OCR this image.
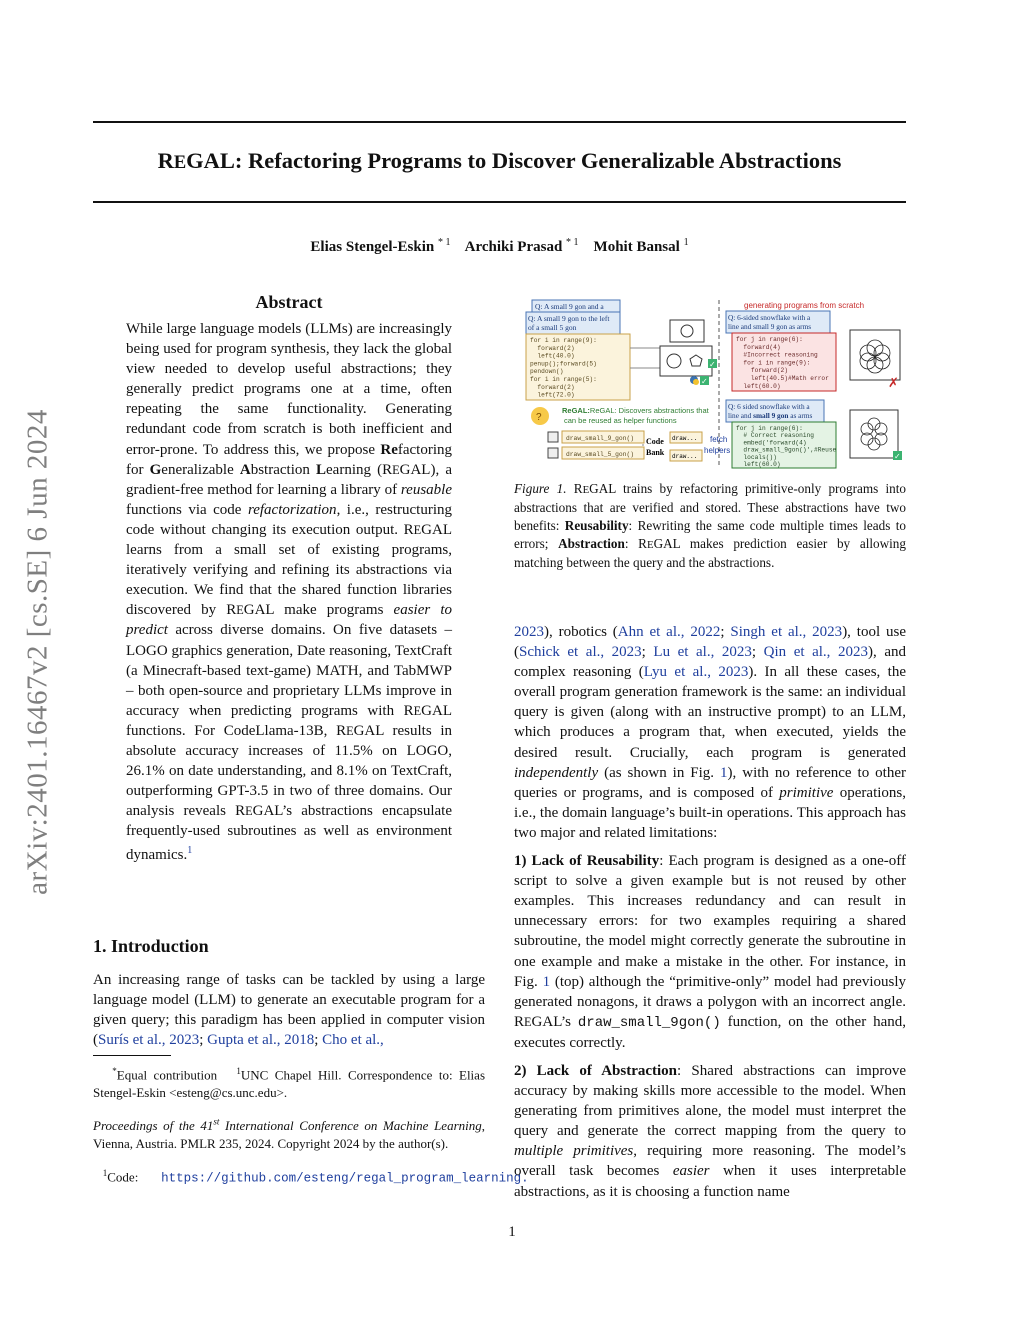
REGAL: Refactoring Programs to Discover Generalizable Abstractions
Elias Stengel-Eskin $^{* 1}$ Archiki Prasad $^{* 1}$ Mohit Bansal $^1$
arXiv:2401.16467v2 [cs.SE] 6 Jun 2024
Abstract

While large language models (LLMs) are increasingly being used for program synthesis, they lack the global view needed to develop useful abstractions; they generally predict programs one at a time, often repeating the same functionality. Generating redundant code from scratch is both inefficient and error-prone. To address this, we propose Refactoring for Generalizable Abstraction Learning (REGAL), a gradient-free method for learning a library of reusable functions via code refactorization, i.e., restructuring code without changing its execution output. REGAL learns from a small set of existing programs, iteratively verifying and refining its abstractions via execution. We find that the shared function libraries discovered by REGAL make programs easier to predict across diverse domains. On five datasets – LOGO graphics generation, Date reasoning, TextCraft (a Minecraft-based text-game) MATH, and TabMWP – both open-source and proprietary LLMs improve in accuracy when predicting programs with REGAL functions. For CodeLlama-13B, REGAL results in absolute accuracy increases of 11.5% on LOGO, 26.1% on date understanding, and 8.1% on TextCraft, outperforming GPT-3.5 in two of three domains. Our analysis reveals REGAL’s abstractions encapsulate frequently-used subroutines as well as environment dynamics.$^1$

1. Introduction

An increasing range of tasks can be tackled by using a large language model (LLM) to generate an executable program for a given query; this paradigm has been applied in computer vision (Surís et al., 2023; Gupta et al., 2018; Cho et al.,

*Equal contribution $^1$UNC Chapel Hill. Correspondence to: Elias Stengel-Eskin <esteng@cs.unc.edu>.
Proceedings of the 41st International Conference on Machine Learning, Vienna, Austria. PMLR 235, 2024. Copyright 2024 by the author(s).
$^1$Code: https://github.com/esteng/regal_program_learning.
Q: A small 9 gon and a
Q: A small 9 gon to the left
of a small 5 gon
for i in range(9):
forward(2)
left(40.0)
penup();forward(5)
pendown()
for i in range(5):
forward(2)
left(72.0)
✓
✓
?
ReGAL:ReGAL: Discovers abstractions that
can be reused as helper functions
draw_small_9_gon()
draw_small_5_gon()
Code
Bank
draw...
draw...
fetch
helpers
generating programs from scratch
Q: 6-sided snowflake with a
line and small 9 gon as arms
for j in range(6):
forward(4)
#Incorrect reasoning
for i in range(9):
forward(2)
left(40.5)#Math error
left(60.0)	✗
Q: 6 sided snowflake with a
line and small 9 gon as arms
for j in range(6):
# Correct reasoning
embed('forward(4)
draw_small_9gon()',#Reuse
locals())
left(60.0)
✓
Figure 1. REGAL trains by refactoring primitive-only programs into abstractions that are verified and stored. These abstractions have two benefits: Reusability: Rewriting the same code multiple times leads to errors; Abstraction: REGAL makes prediction easier by allowing matching between the query and the abstractions.

2023), robotics (Ahn et al., 2022; Singh et al., 2023), tool use (Schick et al., 2023; Lu et al., 2023; Qin et al., 2023), and complex reasoning (Lyu et al., 2023). In all these cases, the overall program generation framework is the same: an individual query is given (along with an instructive prompt) to an LLM, which produces a program that, when executed, yields the desired result. Crucially, each program is generated independently (as shown in Fig. 1), with no reference to other queries or programs, and is composed of primitive operations, i.e., the domain language’s built-in operations. This approach has two major and related limitations:

1) Lack of Reusability: Each program is designed as a one-off script to solve a given example but is not reused by other examples. This increases redundancy and can result in unnecessary errors: for two examples requiring a shared subroutine, the model might correctly generate the subroutine in one example and make a mistake in the other. For instance, in Fig. 1 (top) although the “primitive-only” model had previously generated nonagons, it draws a polygon with an incorrect angle. REGAL’s draw_small_9gon() function, on the other hand, executes correctly.

2) Lack of Abstraction: Shared abstractions can improve accuracy by making skills more accessible to the model. When generating from primitives alone, the model must interpret the query and generate the correct mapping from the query to multiple primitives, requiring more reasoning. The model’s overall task becomes easier when it uses interpretable abstractions, as it is choosing a function name

1
